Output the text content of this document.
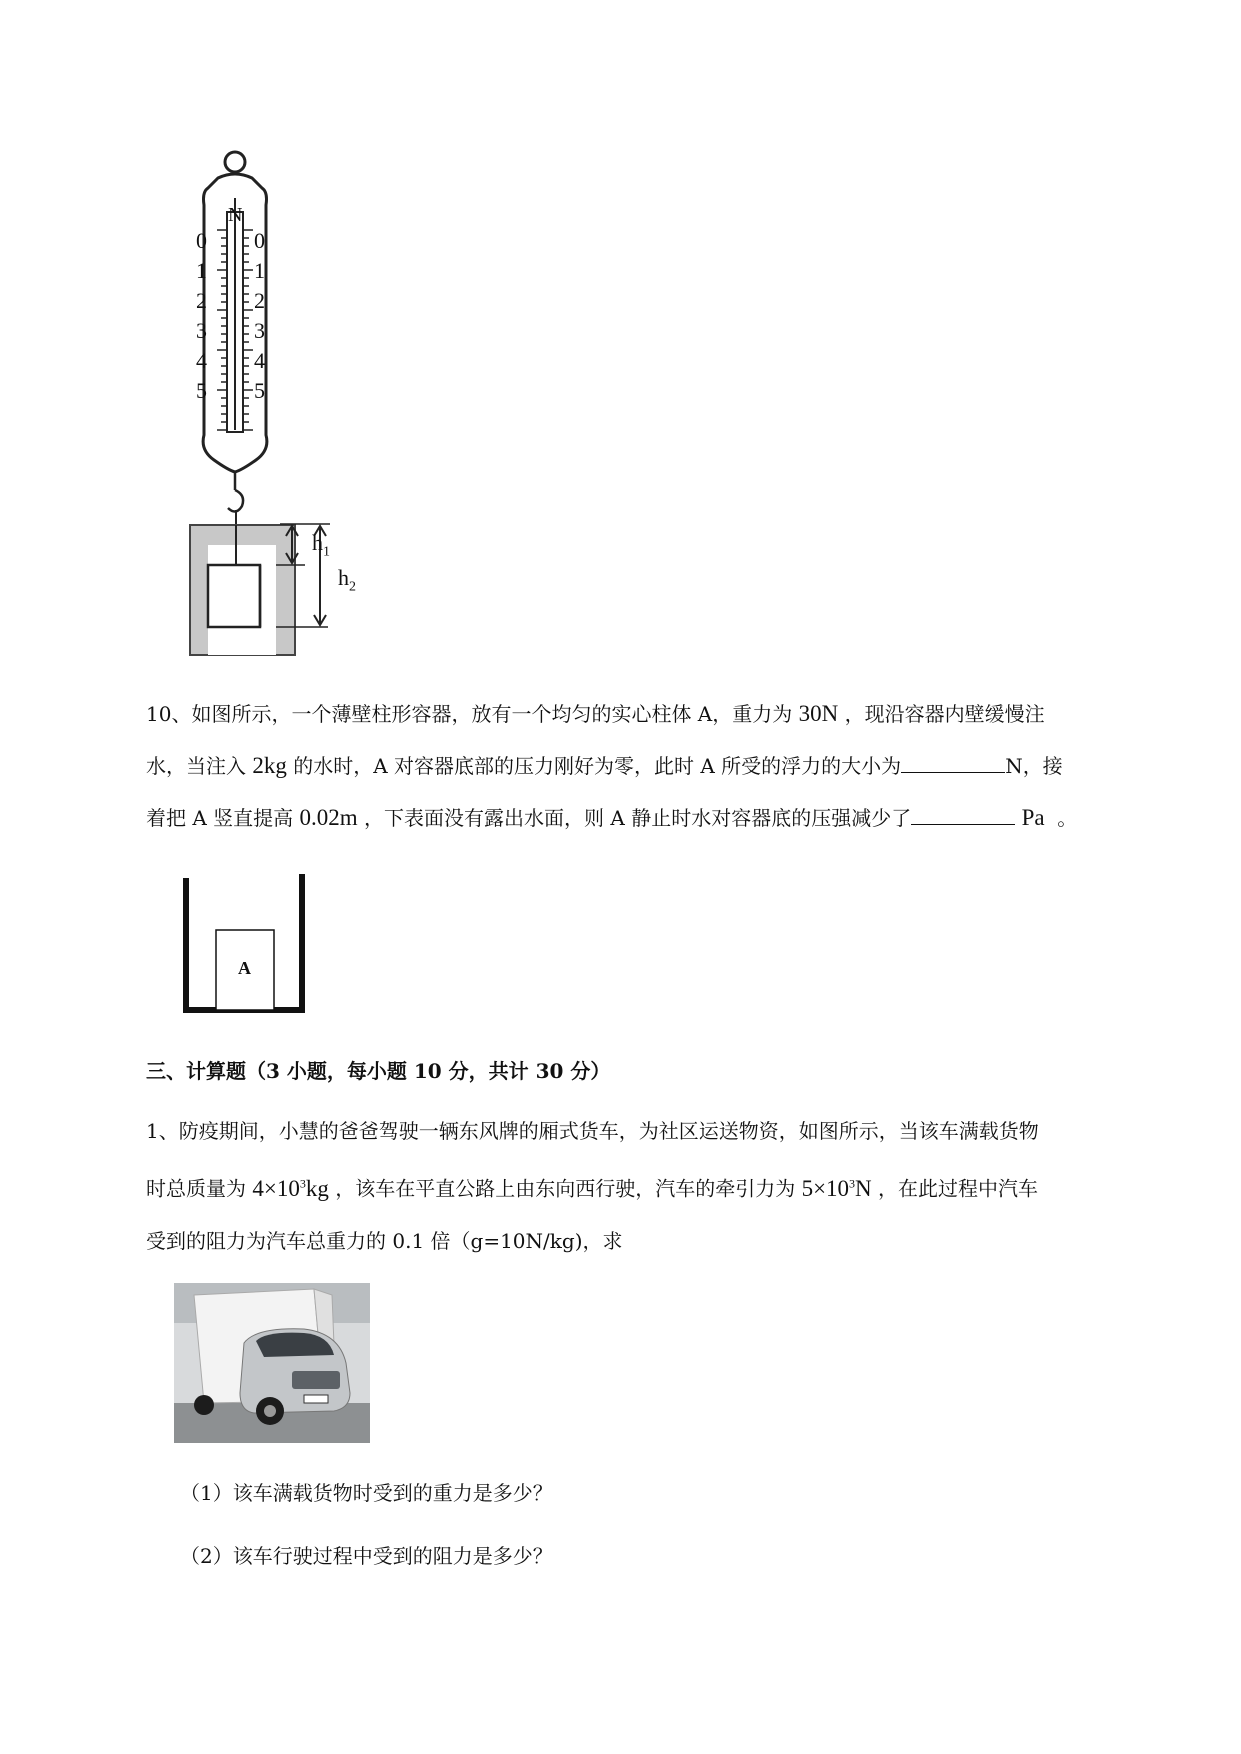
N
0
1
2
3
4
5
0
1
2
3
4
5
$h_1$
$h_2$
10、如图所示，一个薄壁柱形容器，放有一个均匀的实心柱体 A，重力为 30N ，现沿容器内壁缓慢注
水，当注入 2kg 的水时，A 对容器底部的压力刚好为零，此时 A 所受的浮力的大小为	N，接
着把 A 竖直提高 0.02m ，下表面没有露出水面，则 A 静止时水对容器底的压强减少了	Pa 。
A
三、计算题（3 小题，每小题 10 分，共计 30 分）
1、防疫期间，小慧的爸爸驾驶一辆东风牌的厢式货车，为社区运送物资，如图所示，当该车满载货物
时总质量为 $4\times 10^3kg$ ，该车在平直公路上由东向西行驶，汽车的牵引力为 $5\times 10^3N$ ，在此过程中汽车
受到的阻力为汽车总重力的 0.1 倍（g=10N/kg)，求
（1）该车满载货物时受到的重力是多少？
（2）该车行驶过程中受到的阻力是多少？
